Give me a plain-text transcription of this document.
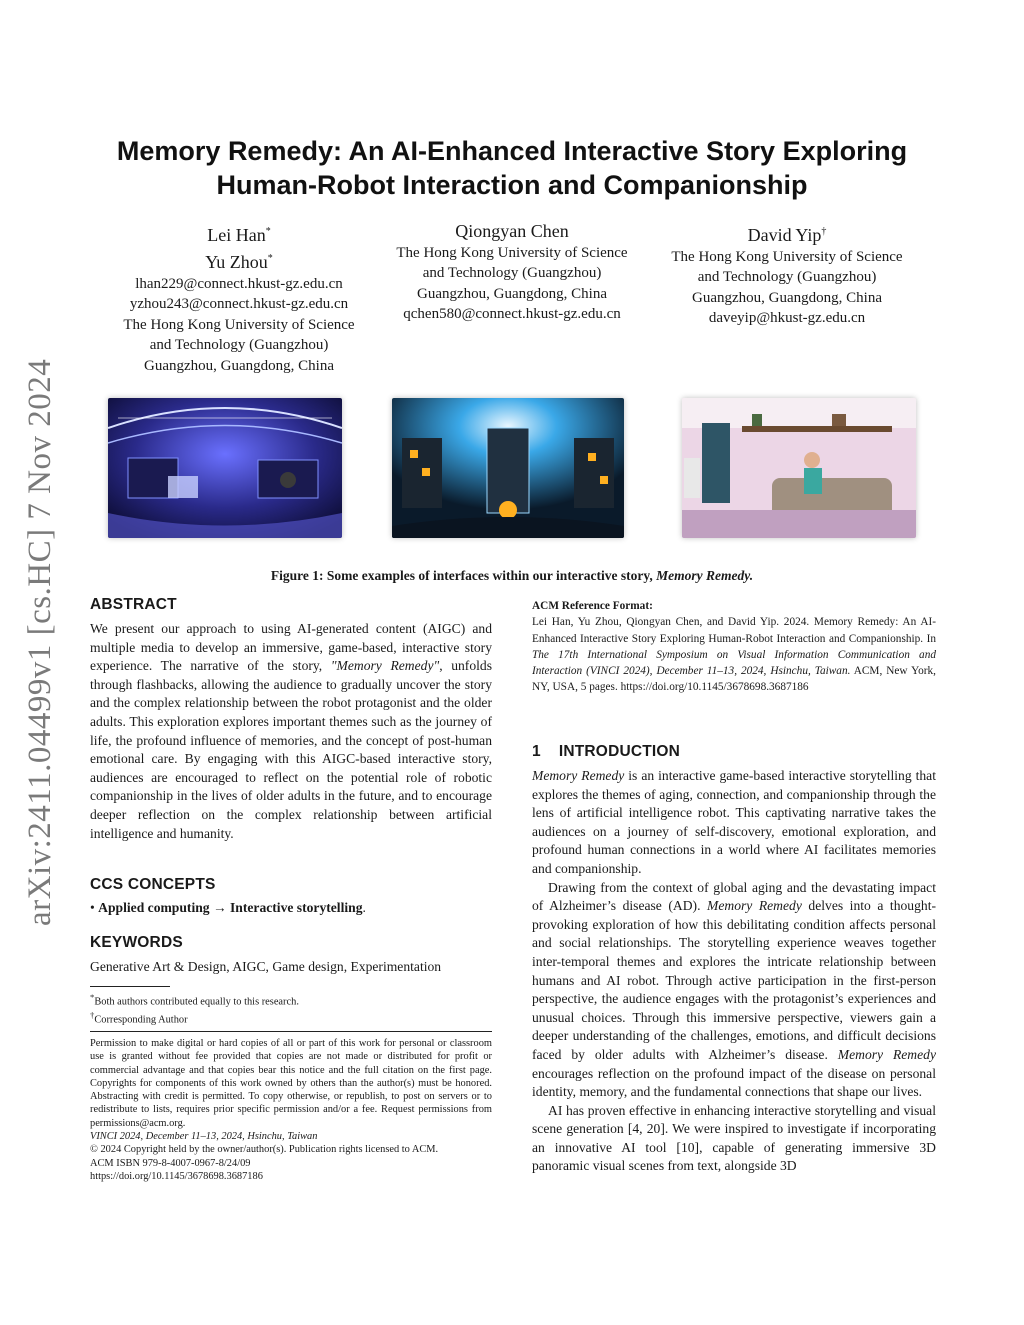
arXiv:2411.04499v1 [cs.HC] 7 Nov 2024
Memory Remedy: An AI-Enhanced Interactive Story Exploring
Human-Robot Interaction and Companionship
Lei Han*
Yu Zhou*
lhan229@connect.hkust-gz.edu.cn
yzhou243@connect.hkust-gz.edu.cn
The Hong Kong University of Science
and Technology (Guangzhou)
Guangzhou, Guangdong, China
Qiongyan Chen
The Hong Kong University of Science
and Technology (Guangzhou)
Guangzhou, Guangdong, China
qchen580@connect.hkust-gz.edu.cn
David Yip†
The Hong Kong University of Science
and Technology (Guangzhou)
Guangzhou, Guangdong, China
daveyip@hkust-gz.edu.cn
Figure 1: Some examples of interfaces within our interactive story, Memory Remedy.
ABSTRACT
We present our approach to using AI-generated content (AIGC) and multiple media to develop an immersive, game-based, interactive story experience. The narrative of the story, "Memory Remedy", unfolds through flashbacks, allowing the audience to gradually uncover the story and the complex relationship between the robot protagonist and the older adults. This exploration explores important themes such as the journey of life, the profound influence of memories, and the concept of post-human emotional care. By engaging with this AIGC-based interactive story, audiences are encouraged to reflect on the potential role of robotic companionship in the lives of older adults in the future, and to encourage deeper reflection on the complex relationship between artificial intelligence and humanity.
CCS CONCEPTS
• Applied computing → Interactive storytelling.
KEYWORDS
Generative Art & Design, AIGC, Game design, Experimentation
*Both authors contributed equally to this research.
†Corresponding Author
Permission to make digital or hard copies of all or part of this work for personal or classroom use is granted without fee provided that copies are not made or distributed for profit or commercial advantage and that copies bear this notice and the full citation on the first page. Copyrights for components of this work owned by others than the author(s) must be honored. Abstracting with credit is permitted. To copy otherwise, or republish, to post on servers or to redistribute to lists, requires prior specific permission and/or a fee. Request permissions from permissions@acm.org.
VINCI 2024, December 11–13, 2024, Hsinchu, Taiwan
© 2024 Copyright held by the owner/author(s). Publication rights licensed to ACM.
ACM ISBN 979-8-4007-0967-8/24/09
https://doi.org/10.1145/3678698.3687186
ACM Reference Format:
Lei Han, Yu Zhou, Qiongyan Chen, and David Yip. 2024. Memory Remedy: An AI-Enhanced Interactive Story Exploring Human-Robot Interaction and Companionship. In The 17th International Symposium on Visual Information Communication and Interaction (VINCI 2024), December 11–13, 2024, Hsinchu, Taiwan. ACM, New York, NY, USA, 5 pages. https://doi.org/10.1145/3678698.3687186
1    INTRODUCTION

Memory Remedy is an interactive game-based interactive storytelling that explores the themes of aging, connection, and companionship through the lens of artificial intelligence robot. This captivating narrative takes the audiences on a journey of self-discovery, emotional exploration, and profound human connections in a world where AI facilitates memories and companionship.

Drawing from the context of global aging and the devastating impact of Alzheimer’s disease (AD). Memory Remedy delves into a thought-provoking exploration of how this debilitating condition affects personal and social relationships. The storytelling experience weaves together inter-temporal themes and explores the intricate relationship between humans and AI robot. Through active participation in the first-person perspective, the audience engages with the protagonist’s experiences and unusual choices. Through this immersive perspective, viewers gain a deeper understanding of the challenges, emotions, and difficult decisions faced by older adults with Alzheimer’s disease. Memory Remedy encourages reflection on the profound impact of the disease on personal identity, memory, and the fundamental connections that shape our lives.

AI has proven effective in enhancing interactive storytelling and visual scene generation [4, 20]. We were inspired to investigate if incorporating an innovative AI tool [10], capable of generating immersive 3D panoramic visual scenes from text, alongside 3D
